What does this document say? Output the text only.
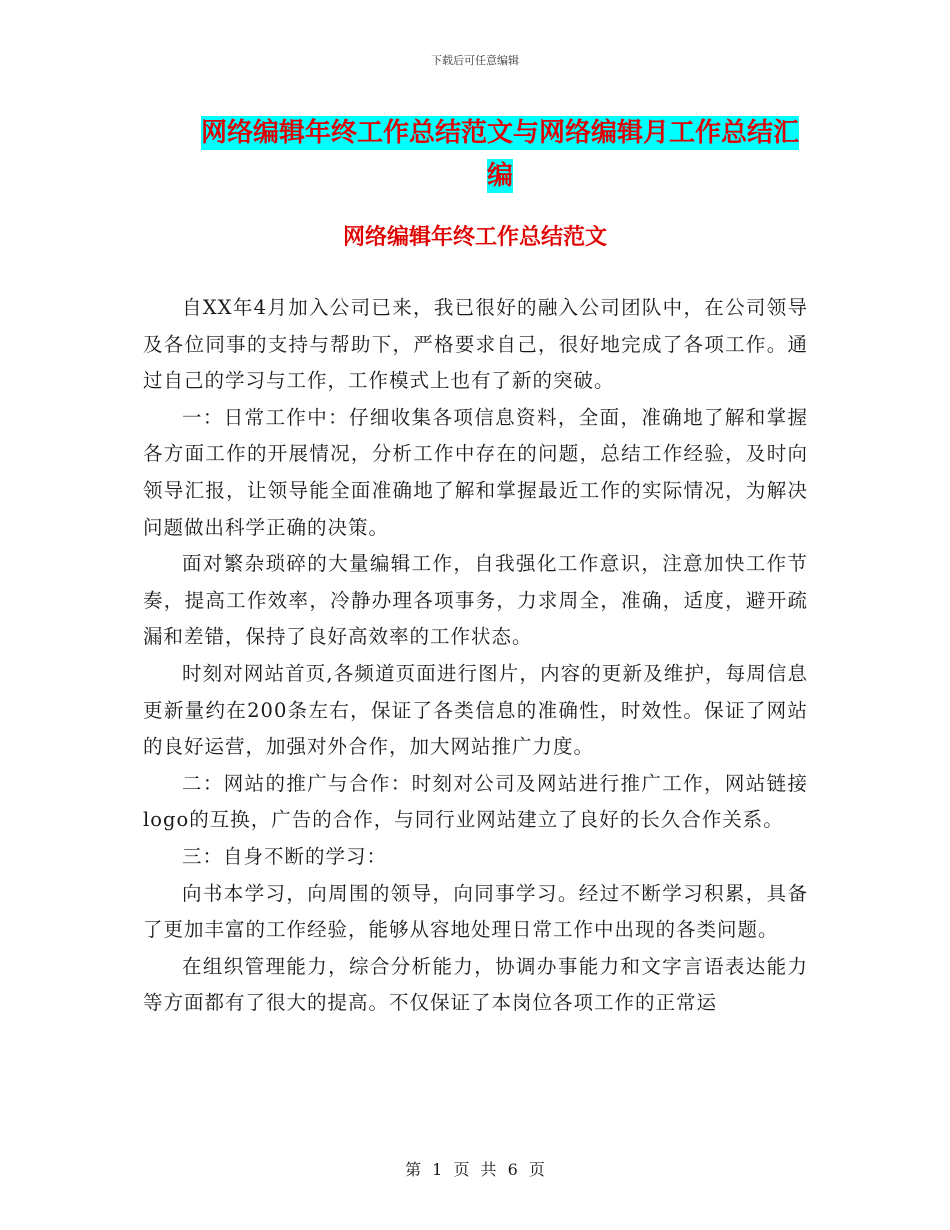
下载后可任意编辑
网络编辑年终工作总结范文与网络编辑月工作总结汇
编
网络编辑年终工作总结范文

自XX年4月加入公司已来，我已很好的融入公司团队中，在公司领导及各位同事的支持与帮助下，严格要求自己，很好地完成了各项工作。通过自己的学习与工作，工作模式上也有了新的突破。

一：日常工作中：仔细收集各项信息资料，全面，准确地了解和掌握各方面工作的开展情况，分析工作中存在的问题，总结工作经验，及时向领导汇报，让领导能全面准确地了解和掌握最近工作的实际情况，为解决问题做出科学正确的决策。

面对繁杂琐碎的大量编辑工作，自我强化工作意识，注意加快工作节奏，提高工作效率，冷静办理各项事务，力求周全，准确，适度，避开疏漏和差错，保持了良好高效率的工作状态。

时刻对网站首页,各频道页面进行图片，内容的更新及维护，每周信息更新量约在200条左右，保证了各类信息的准确性，时效性。保证了网站的良好运营，加强对外合作，加大网站推广力度。

二：网站的推广与合作：时刻对公司及网站进行推广工作，网站链接logo的互换，广告的合作，与同行业网站建立了良好的长久合作关系。

三：自身不断的学习：

向书本学习，向周围的领导，向同事学习。经过不断学习积累，具备了更加丰富的工作经验，能够从容地处理日常工作中出现的各类问题。

在组织管理能力，综合分析能力，协调办事能力和文字言语表达能力等方面都有了很大的提高。不仅保证了本岗位各项工作的正常运

第 1 页 共 6 页
